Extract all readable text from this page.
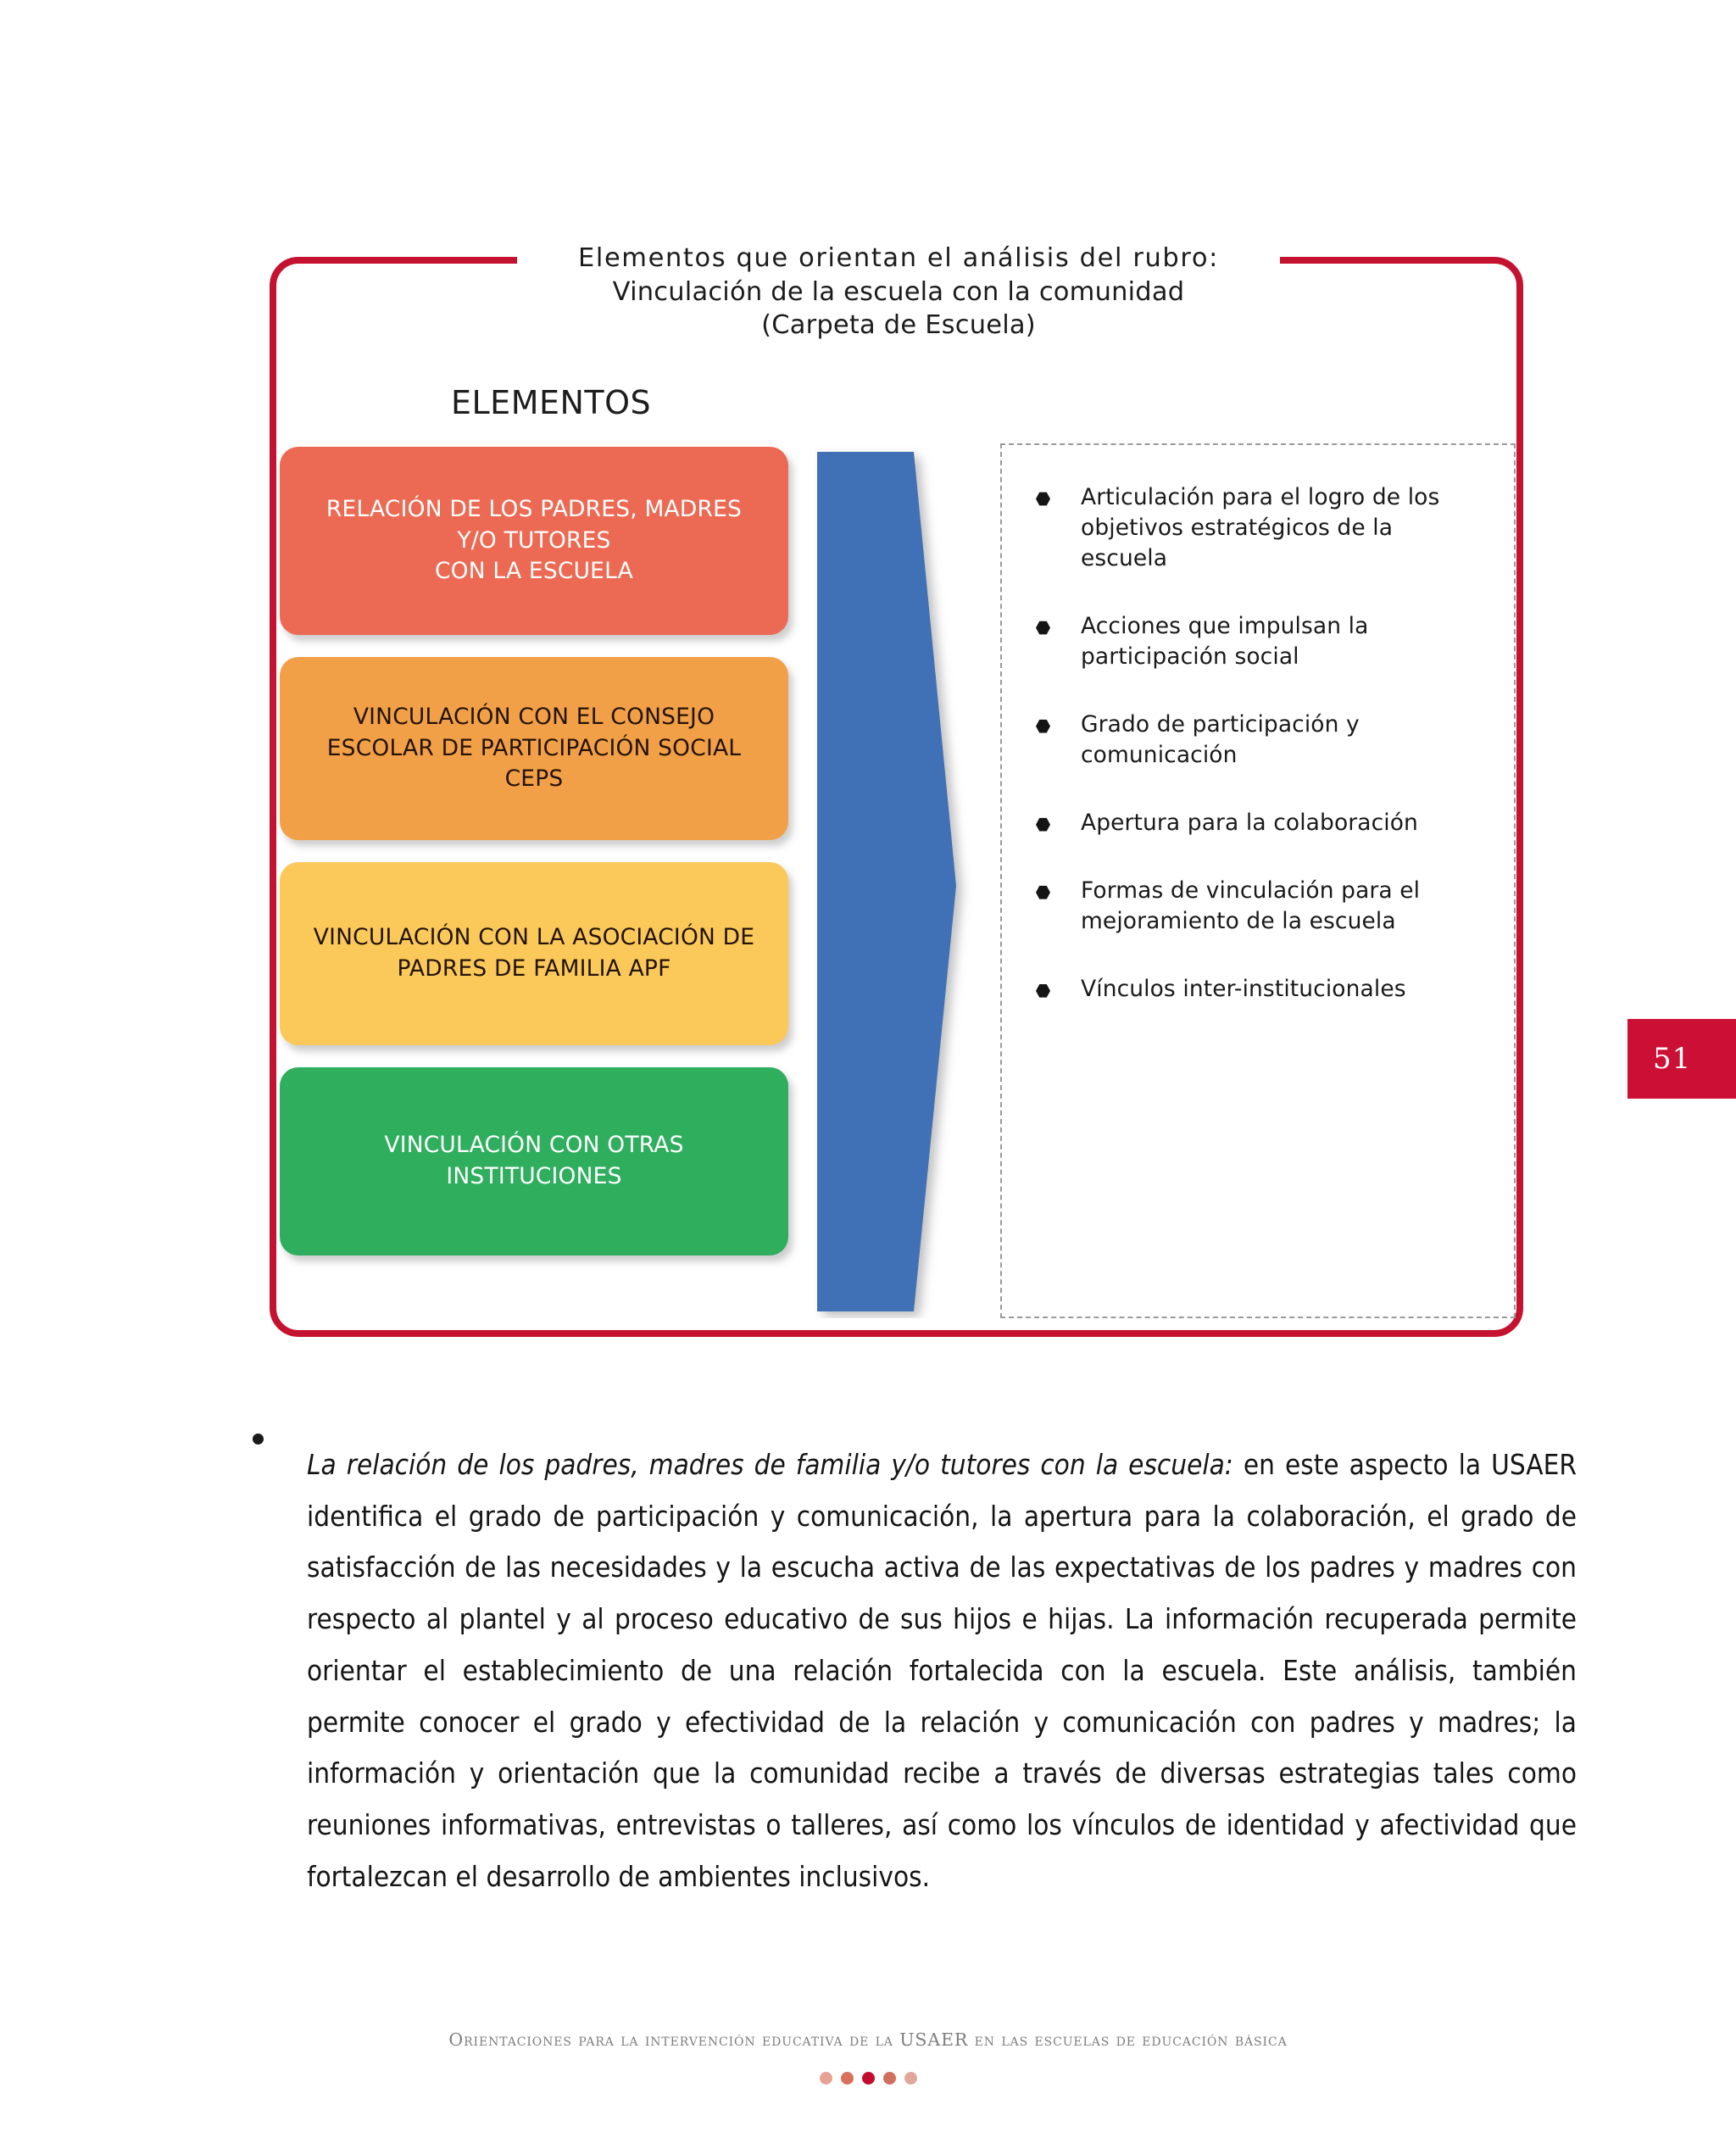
Elementos que orientan el análisis del rubro:
Vinculación de la escuela con la comunidad
(Carpeta de Escuela)
ELEMENTOS
RELACIÓN DE LOS PADRES, MADRES
Y/O TUTORES
CON LA ESCUELA
VINCULACIÓN CON EL CONSEJO
ESCOLAR DE PARTICIPACIÓN SOCIAL
CEPS
VINCULACIÓN CON LA ASOCIACIÓN DE
PADRES DE FAMILIA APF
VINCULACIÓN CON OTRAS
INSTITUCIONES
Articulación para el logro de los objetivos estratégicos de la escuela
Acciones que impulsan la participación social
Grado de participación y comunicación
Apertura para la colaboración
Formas de vinculación para el mejoramiento de la escuela
Vínculos inter-institucionales
51

La relación de los padres, madres de familia y/o tutores con la escuela: en este aspecto la USAER identifica el grado de participación y comunicación, la apertura para la colaboración, el grado de satisfacción de las necesidades y la escucha activa de las expectativas de los padres y madres con respecto al plantel y al proceso educativo de sus hijos e hijas. La información recuperada permite orientar el establecimiento de una relación fortalecida con la escuela. Este análisis, también permite conocer el grado y efectividad de la relación y comunicación con padres y madres; la información y orientación que la comunidad recibe a través de diversas estrategias tales como reuniones informativas, entrevistas o talleres, así como los vínculos de identidad y afectividad que fortalezcan el desarrollo de ambientes inclusivos.

Orientaciones para la intervención educativa de la USAER en las escuelas de educación básica
